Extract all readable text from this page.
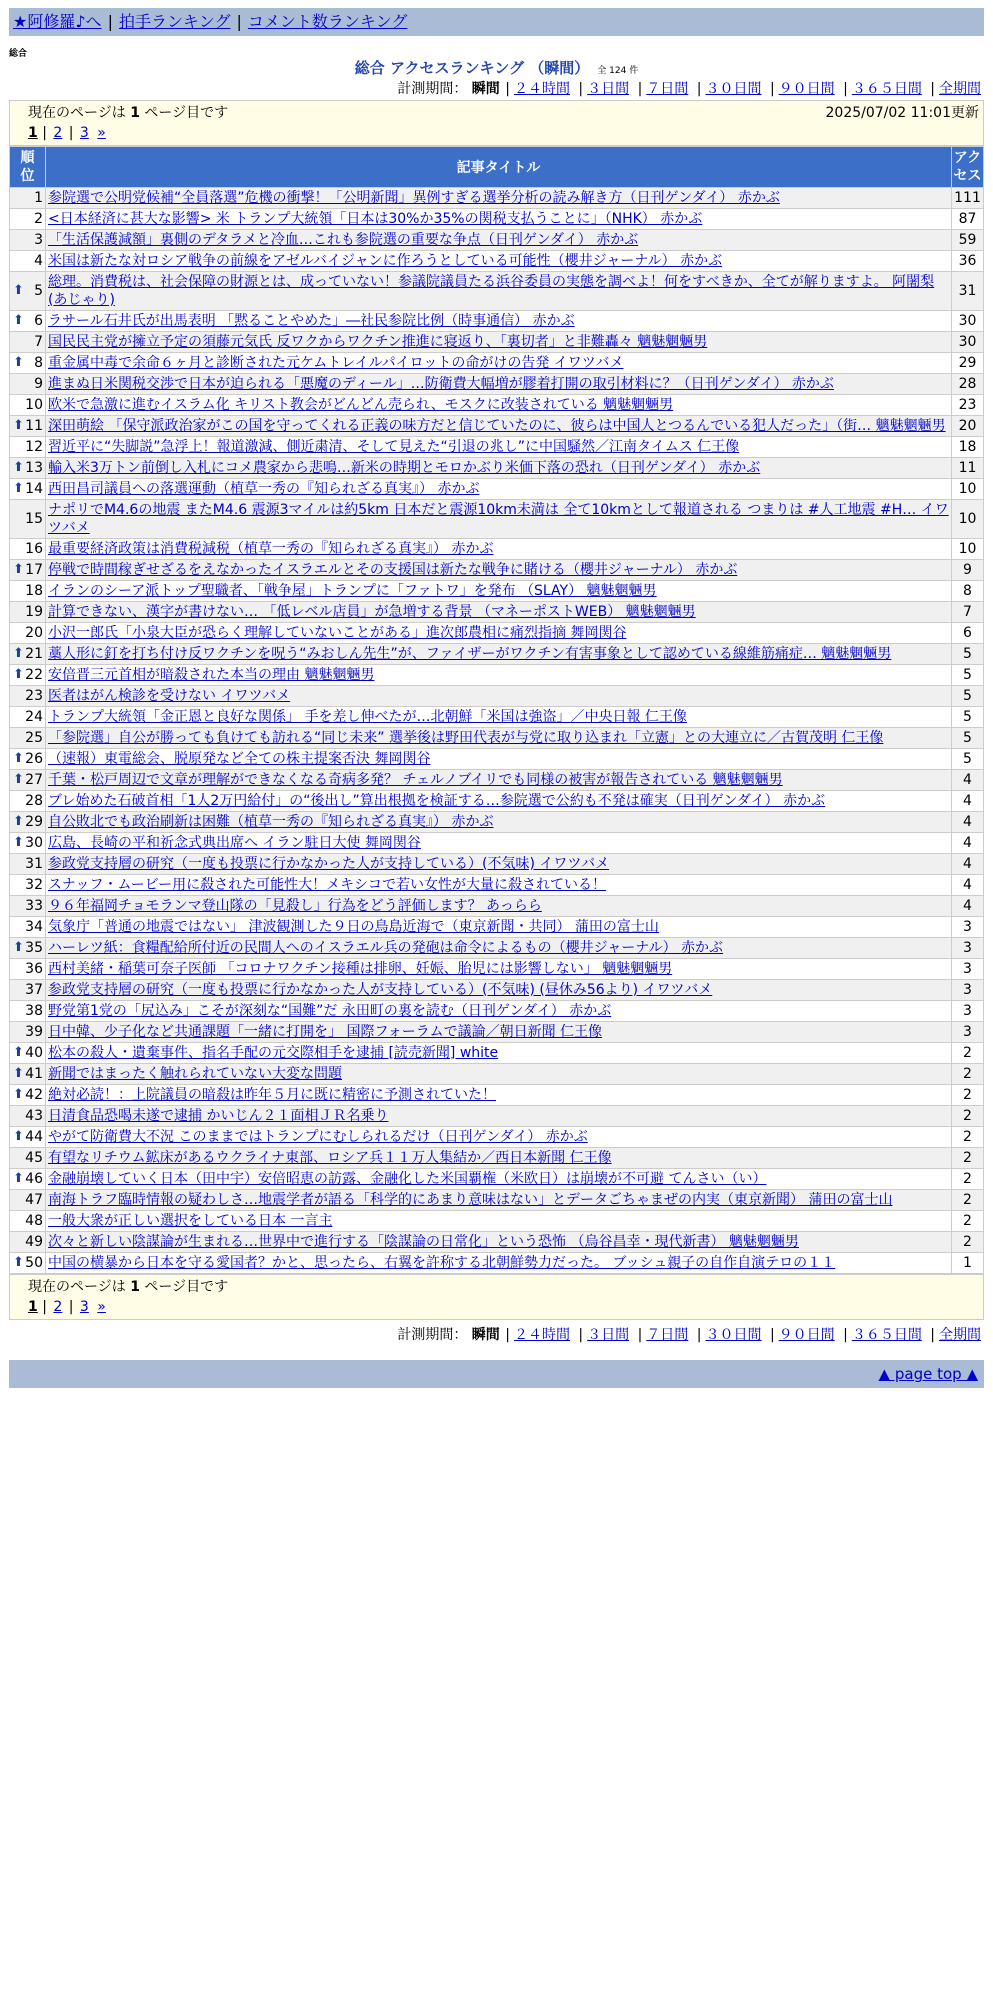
★阿修羅♪へ | 拍手ランキング | コメント数ランキング
総合
総合 アクセスランキング （瞬間） 全 124 件
計測期間： 瞬間 | ２４時間 | ３日間 | ７日間 | ３０日間 | ９０日間 | ３６５日間 | 全期間
現在のページは 1 ページ目です	2025/07/02 11:01更新
1 | 2 | 3 »
順位	記事タイトル	アクセス
1	参院選で公明党候補“全員落選”危機の衝撃！「公明新聞」異例すぎる選挙分析の読み解き方（日刊ゲンダイ） 赤かぶ	111
2	<日本経済に甚大な影響> 米 トランプ大統領「日本は30%か35%の関税支払うことに」（NHK） 赤かぶ	87
3	「生活保護減額」裏側のデタラメと冷血…これも参院選の重要な争点（日刊ゲンダイ） 赤かぶ	59
4	米国は新たな対ロシア戦争の前線をアゼルバイジャンに作ろうとしている可能性（櫻井ジャーナル） 赤かぶ	36

⬆ 5	総理。消費税は、社会保障の財源とは、成っていない！参議院議員たる浜谷委員の実態を調べよ！何をすべきか、全てが解りますよ。 阿闍梨(あじゃり)	31

⬆ 6	ラサール石井氏が出馬表明 「黙ることやめた」―社民参院比例（時事通信） 赤かぶ	30
7	国民民主党が擁立予定の須藤元気氏 反ワクからワクチン推進に寝返り、「裏切者」と非難轟々 魑魅魍魎男	30

⬆ 8	重金属中毒で余命６ヶ月と診断された元ケムトレイルパイロットの命がけの告発 イワツバメ	29
9	進まぬ日米関税交渉で日本が迫られる「悪魔のディール」…防衛費大幅増が膠着打開の取引材料に？（日刊ゲンダイ） 赤かぶ	28
10	欧米で急激に進むイスラム化 キリスト教会がどんどん売られ、モスクに改装されている 魑魅魍魎男	23

⬆ 11	深田萌絵 「保守派政治家がこの国を守ってくれる正義の味方だと信じていたのに、彼らは中国人とつるんでいる犯人だった」（街… 魑魅魍魎男	20
12	習近平に“失脚説”急浮上！報道激減、側近粛清、そして見えた“引退の兆し”に中国騒然／江南タイムス 仁王像	18

⬆ 13	輸入米3万トン前倒し入札にコメ農家から悲鳴…新米の時期とモロかぶり米価下落の恐れ（日刊ゲンダイ） 赤かぶ	11

⬆ 14	西田昌司議員への落選運動（植草一秀の『知られざる真実』） 赤かぶ	10
15	ナポリでM4.6の地震 またM4.6 震源3マイルは約5km 日本だと震源10km未満は 全て10kmとして報道される つまりは #人工地震 #H… イワツバメ	10
16	最重要経済政策は消費税減税（植草一秀の『知られざる真実』） 赤かぶ	10

⬆ 17	停戦で時間稼ぎせざるをえなかったイスラエルとその支援国は新たな戦争に賭ける（櫻井ジャーナル） 赤かぶ	9
18	イランのシーア派トップ聖職者、「戦争屋」トランプに「ファトワ」を発布 （SLAY） 魑魅魍魎男	8
19	計算できない、漢字が書けない… 「低レベル店員」が急増する背景 （マネーポストWEB） 魑魅魍魎男	7
20	小沢一郎氏「小泉大臣が恐らく理解していないことがある」進次郎農相に痛烈指摘 舞岡関谷	6

⬆ 21	藁人形に釘を打ち付け反ワクチンを呪う“みおしん先生”が、ファイザーがワクチン有害事象として認めている線維筋痛症… 魑魅魍魎男	5

⬆ 22	安倍晋三元首相が暗殺された本当の理由 魑魅魍魎男	5
23	医者はがん検診を受けない イワツバメ	5
24	トランプ大統領「金正恩と良好な関係」 手を差し伸べたが…北朝鮮「米国は強盗」／中央日報 仁王像	5
25	「参院選」自公が勝っても負けても訪れる“同じ未来” 選挙後は野田代表が与党に取り込まれ「立憲」との大連立に／古賀茂明 仁王像	5

⬆ 26	（速報）東電総会、脱原発など全ての株主提案否決 舞岡関谷	5

⬆ 27	千葉・松戸周辺で文章が理解ができなくなる奇病多発？ チェルノブイリでも同様の被害が報告されている 魑魅魍魎男	4
28	ブレ始めた石破首相「1人2万円給付」の“後出し”算出根拠を検証する…参院選で公約も不発は確実（日刊ゲンダイ） 赤かぶ	4

⬆ 29	自公敗北でも政治刷新は困難（植草一秀の『知られざる真実』） 赤かぶ	4

⬆ 30	広島、長崎の平和祈念式典出席へ イラン駐日大使 舞岡関谷	4
31	参政党支持層の研究（一度も投票に行かなかった人が支持している）(不気味) イワツバメ	4
32	スナッフ・ムービー用に殺された可能性大！メキシコで若い女性が大量に殺されている！	4
33	９６年福岡チョモランマ登山隊の「見殺し」行為をどう評価します？ あっらら	4
34	気象庁「普通の地震ではない」 津波観測した９日の鳥島近海で（東京新聞・共同） 蒲田の富士山	3

⬆ 35	ハーレツ紙：食糧配給所付近の民間人へのイスラエル兵の発砲は命令によるもの（櫻井ジャーナル） 赤かぶ	3
36	西村美緒・稲葉可奈子医師 「コロナワクチン接種は排卵、妊娠、胎児には影響しない」 魑魅魍魎男	3
37	参政党支持層の研究（一度も投票に行かなかった人が支持している）(不気味) (昼休み56より) イワツバメ	3
38	野党第1党の「尻込み」こそが深刻な“国難”だ 永田町の裏を読む（日刊ゲンダイ） 赤かぶ	3
39	日中韓、少子化など共通課題「一緒に打開を」 国際フォーラムで議論／朝日新聞 仁王像	3

⬆ 40	松本の殺人・遺棄事件、指名手配の元交際相手を逮捕 [読売新聞] white	2

⬆ 41	新聞ではまったく触れられていない大変な問題	2

⬆ 42	絶対必読！：上院議員の暗殺は昨年５月に既に精密に予測されていた！	2
43	日清食品恐喝未遂で逮捕 かいじん２１面相ＪＲ名乗り	2

⬆ 44	やがて防衛費大不況 このままではトランプにむしられるだけ（日刊ゲンダイ） 赤かぶ	2
45	有望なリチウム鉱床があるウクライナ東部、ロシア兵１１万人集結か／西日本新聞 仁王像	2

⬆ 46	金融崩壊していく日本（田中宇）安倍昭恵の訪露、金融化した米国覇権（米欧日）は崩壊が不可避 てんさい（い）	2
47	南海トラフ臨時情報の疑わしさ…地震学者が語る「科学的にあまり意味はない」とデータごちゃまぜの内実（東京新聞） 蒲田の富士山	2
48	一般大衆が正しい選択をしている日本 一言主	2
49	次々と新しい陰謀論が生まれる…世界中で進行する「陰謀論の日常化」という恐怖 （烏谷昌幸・現代新書） 魑魅魍魎男	2

⬆ 50	中国の横暴から日本を守る愛国者？かと、思ったら、右翼を許称する北朝鮮勢力だった。 ブッシュ親子の自作自演テロの１１	1
現在のページは 1 ページ目です
1 | 2 | 3 »
計測期間： 瞬間 | ２４時間 | ３日間 | ７日間 | ３０日間 | ９０日間 | ３６５日間 | 全期間
▲ page top ▲
